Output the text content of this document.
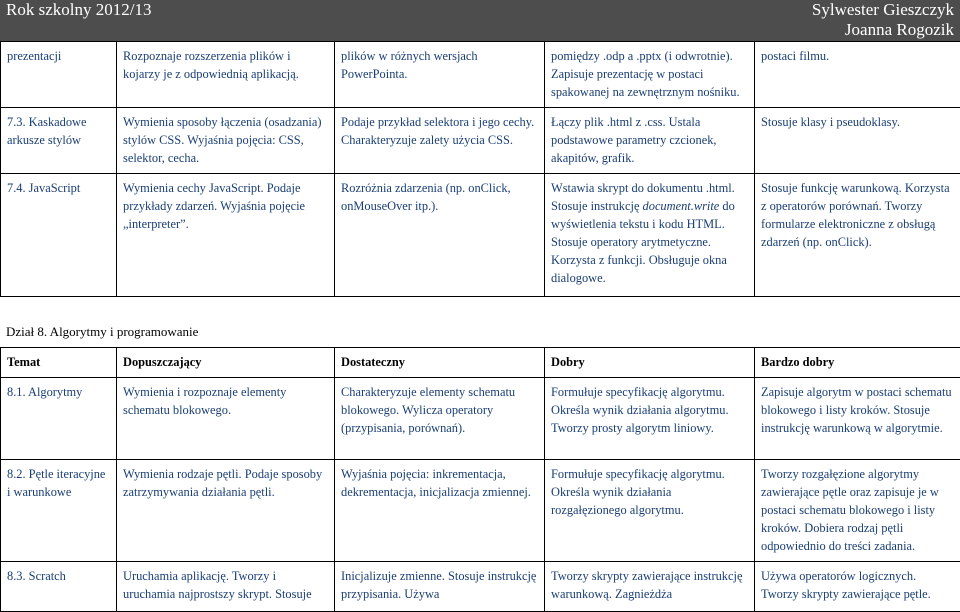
Rok szkolny 2012/13	Sylwester Gieszczyk
Joanna Rogozik
prezentacji	Rozpoznaje rozszerzenia plików i kojarzy je z odpowiednią aplikacją.	plików w różnych wersjach PowerPointa.	pomiędzy .odp a .pptx (i odwrotnie). Zapisuje prezentację w postaci spakowanej na zewnętrznym nośniku.	postaci filmu.
7.3. Kaskadowe arkusze stylów	Wymienia sposoby łączenia (osadzania) stylów CSS. Wyjaśnia pojęcia: CSS, selektor, cecha.	Podaje przykład selektora i jego cechy. Charakteryzuje zalety użycia CSS.	Łączy plik .html z .css. Ustala podstawowe parametry czcionek, akapitów, grafik.	Stosuje klasy i pseudoklasy.
7.4. JavaScript	Wymienia cechy JavaScript. Podaje przykłady zdarzeń. Wyjaśnia pojęcie „interpreter”.	Rozróżnia zdarzenia (np. onClick, onMouseOver itp.).	Wstawia skrypt do dokumentu .html. Stosuje instrukcję document.write do wyświetlenia tekstu i kodu HTML. Stosuje operatory arytmetyczne. Korzysta z funkcji. Obsługuje okna dialogowe.	Stosuje funkcję warunkową. Korzysta z operatorów porównań. Tworzy formularze elektroniczne z obsługą zdarzeń (np. onClick).
Dział 8. Algorytmy i programowanie
Temat	Dopuszczający	Dostateczny	Dobry	Bardzo dobry
8.1. Algorytmy	Wymienia i rozpoznaje elementy schematu blokowego.	Charakteryzuje elementy schematu blokowego. Wylicza operatory (przypisania, porównań).	Formułuje specyfikację algorytmu. Określa wynik działania algorytmu. Tworzy prosty algorytm liniowy.	Zapisuje algorytm w postaci schematu blokowego i listy kroków. Stosuje instrukcję warunkową w algorytmie.
8.2. Pętle iteracyjne i warunkowe	Wymienia rodzaje pętli. Podaje sposoby zatrzymywania działania pętli.	Wyjaśnia pojęcia: inkrementacja, dekrementacja, inicjalizacja zmiennej.	Formułuje specyfikację algorytmu. Określa wynik działania rozgałęzionego algorytmu.	Tworzy rozgałęzione algorytmy zawierające pętle oraz zapisuje je w postaci schematu blokowego i listy kroków. Dobiera rodzaj pętli odpowiednio do treści zadania.
8.3. Scratch	Uruchamia aplikację. Tworzy i uruchamia najprostszy skrypt. Stosuje	Inicjalizuje zmienne. Stosuje instrukcję przypisania. Używa	Tworzy skrypty zawierające instrukcję warunkową. Zagnieżdża	Używa operatorów logicznych. Tworzy skrypty zawierające pętle.
